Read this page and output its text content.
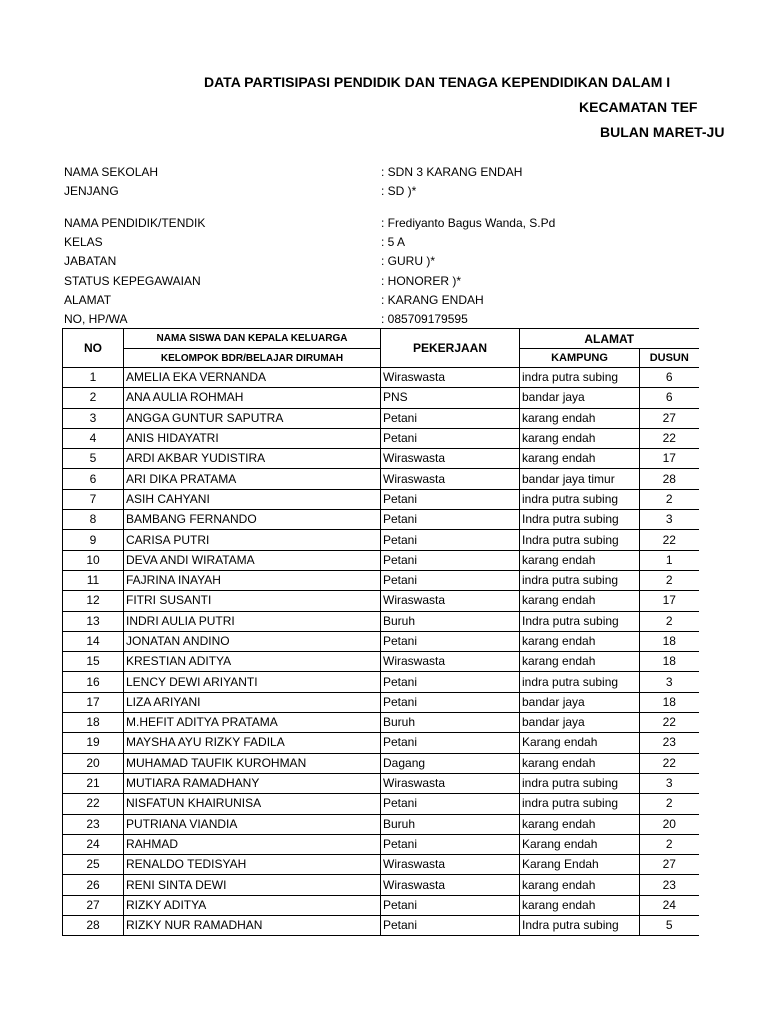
DATA PARTISIPASI PENDIDIK DAN TENAGA KEPENDIDIKAN DALAM I
KECAMATAN TEF
BULAN MARET-JU
NAMA SEKOLAH	: SDN 3 KARANG ENDAH
JENJANG	: SD )*
NAMA PENDIDIK/TENDIK	: Frediyanto Bagus Wanda, S.Pd
KELAS	: 5 A
JABATAN	: GURU )*
STATUS KEPEGAWAIAN	: HONORER )*
ALAMAT	: KARANG ENDAH
NO, HP/WA	: 085709179595
NO	NAMA SISWA DAN KEPALA KELUARGA	PEKERJAAN	ALAMAT	
	KELOMPOK BDR/BELAJAR DIRUMAH		KAMPUNG	DUSUN
1	AMELIA EKA VERNANDA	Wiraswasta	indra putra subing	6
2	ANA AULIA ROHMAH	PNS	bandar jaya	6
3	ANGGA GUNTUR SAPUTRA	Petani	karang endah	27
4	ANIS HIDAYATRI	Petani	karang endah	22
5	ARDI AKBAR YUDISTIRA	Wiraswasta	karang endah	17
6	ARI DIKA PRATAMA	Wiraswasta	bandar jaya timur	28
7	ASIH CAHYANI	Petani	indra putra subing	2
8	BAMBANG FERNANDO	Petani	Indra putra subing	3
9	CARISA PUTRI	Petani	Indra putra subing	22
10	DEVA ANDI WIRATAMA	Petani	karang endah	1
11	FAJRINA INAYAH	Petani	indra putra subing	2
12	FITRI SUSANTI	Wiraswasta	karang endah	17
13	INDRI AULIA PUTRI	Buruh	Indra putra subing	2
14	JONATAN ANDINO	Petani	karang endah	18
15	KRESTIAN ADITYA	Wiraswasta	karang endah	18
16	LENCY DEWI ARIYANTI	Petani	indra putra subing	3
17	LIZA ARIYANI	Petani	bandar jaya	18
18	M.HEFIT ADITYA PRATAMA	Buruh	bandar jaya	22
19	MAYSHA AYU RIZKY FADILA	Petani	Karang endah	23
20	MUHAMAD TAUFIK KUROHMAN	Dagang	karang endah	22
21	MUTIARA RAMADHANY	Wiraswasta	indra putra subing	3
22	NISFATUN KHAIRUNISA	Petani	indra putra subing	2
23	PUTRIANA VIANDIA	Buruh	karang endah	20
24	RAHMAD	Petani	Karang endah	2
25	RENALDO TEDISYAH	Wiraswasta	Karang Endah	27
26	RENI SINTA DEWI	Wiraswasta	karang endah	23
27	RIZKY ADITYA	Petani	karang endah	24
28	RIZKY NUR RAMADHAN	Petani	Indra putra subing	5
